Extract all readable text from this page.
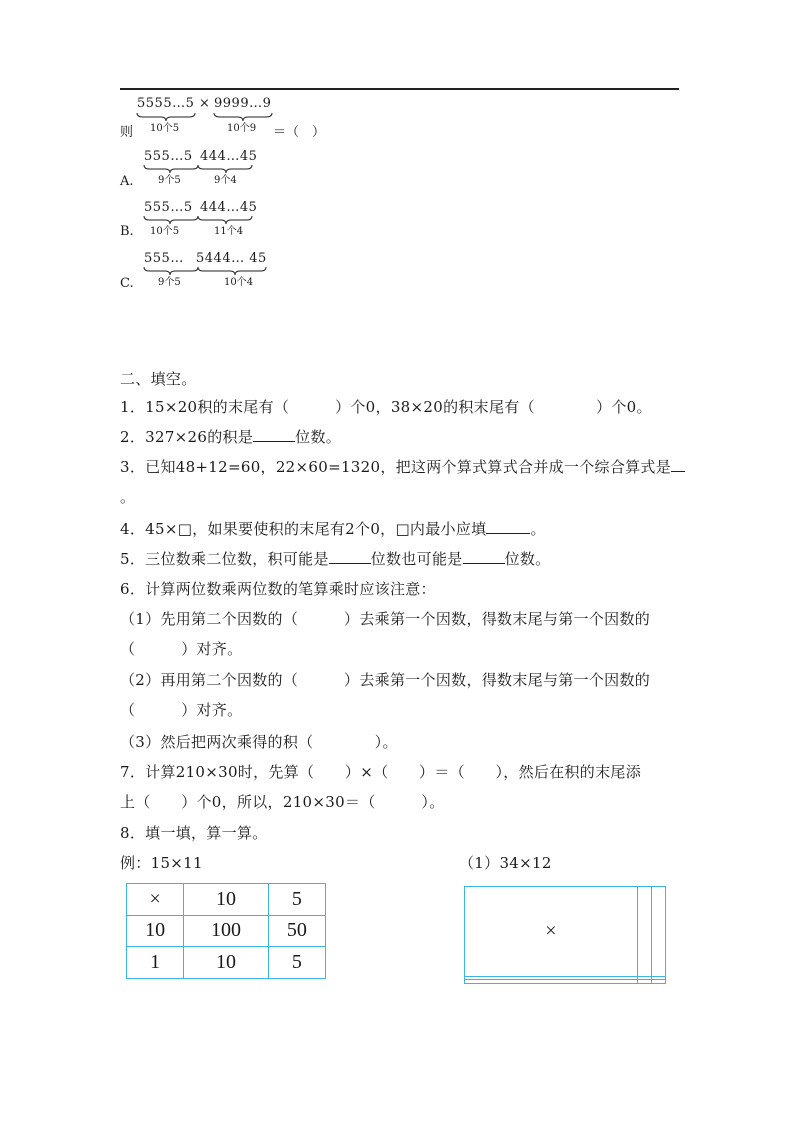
则
5555…5
10个5
× 9999…9
10个9 ＝（　）
A.
555…5 444…45
9个5	9个4
B.
555…5 444…45
10个5	11个4
C.
555… 5444… 45
9个5	10个4
二、填空。
1．15×20积的末尾有（　　　）个0，38×20的积末尾有（　　　　）个0。
2．327×26的积是	位数。
3．已知48+12=60，22×60=1320，把这两个算式算式合并成一个综合算式是
。
4．45×□，如果要使积的末尾有2个0，□内最小应填	。
5．三位数乘二位数，积可能是	位数也可能是	位数。
6．计算两位数乘两位数的笔算乘时应该注意：
（1）先用第二个因数的（　　　）去乘第一个因数，得数末尾与第一个因数的
（　　　）对齐。
（2）再用第二个因数的（　　　）去乘第一个因数，得数末尾与第一个因数的
（　　　）对齐。
（3）然后把两次乘得的积（　　　　）。
7．计算210×30时，先算（　　）×（　　）＝（　　），然后在积的末尾添
上（　　）个0，所以，210×30＝（　　　）。
8．填一填，算一算。
例：15×11	（1）34×12
×	10	5
10	100	50
1	10	5
×		
